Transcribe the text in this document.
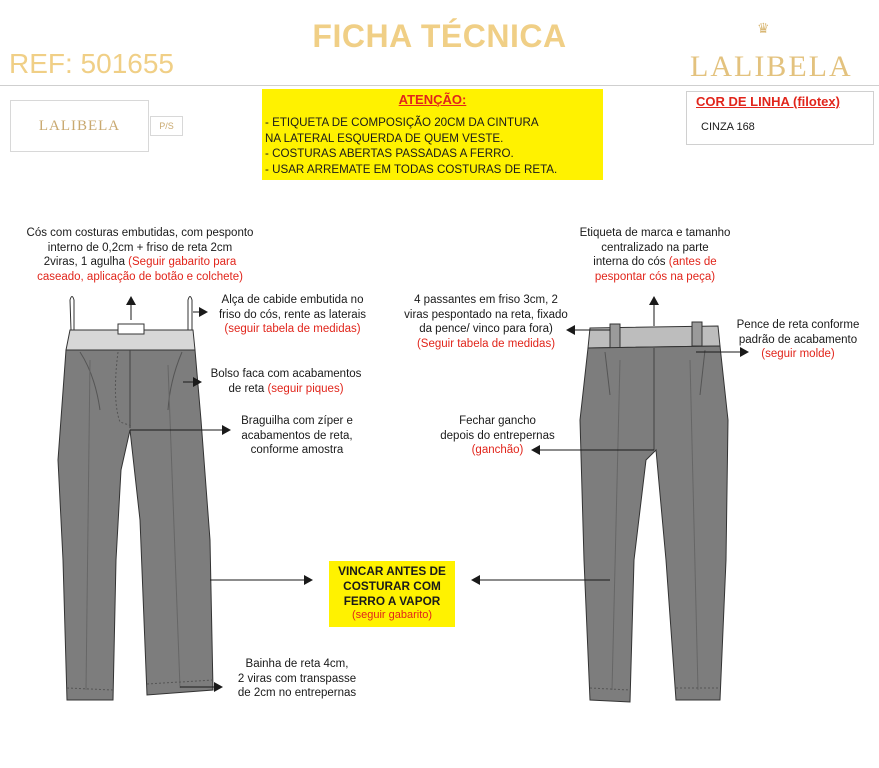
FICHA TÉCNICA
REF: 501655
♛
LALIBELA
LALIBELA	P/S
ATENÇÃO:
- ETIQUETA DE COMPOSIÇÃO 20CM DA CINTURA
NA LATERAL ESQUERDA DE QUEM VESTE.
- COSTURAS ABERTAS PASSADAS A FERRO.
- USAR ARREMATE EM TODAS COSTURAS DE RETA.
COR DE LINHA (filotex)
CINZA 168
Cós com costuras embutidas, com pesponto
interno de 0,2cm + friso de reta 2cm
2viras, 1 agulha (Seguir gabarito para
caseado, aplicação de botão e colchete)
Alça de cabide embutida no
friso do cós, rente as laterais
(seguir tabela de medidas)
Bolso faca com acabamentos
de reta (seguir piques)
Braguilha com zíper e
acabamentos de reta,
conforme amostra
Bainha de reta 4cm,
2 viras com transpasse
de 2cm no entrepernas
Etiqueta de marca e tamanho
centralizado na parte
interna do cós (antes de
pespontar cós na peça)
4 passantes em friso 3cm, 2
viras pespontado na reta, fixado
da pence/ vinco para fora)
(Seguir tabela de medidas)
Pence de reta conforme
padrão de acabamento
(seguir molde)
Fechar gancho
depois do entrepernas
(ganchão)
VINCAR ANTES DE
COSTURAR COM
FERRO A VAPOR
(seguir gabarito)
